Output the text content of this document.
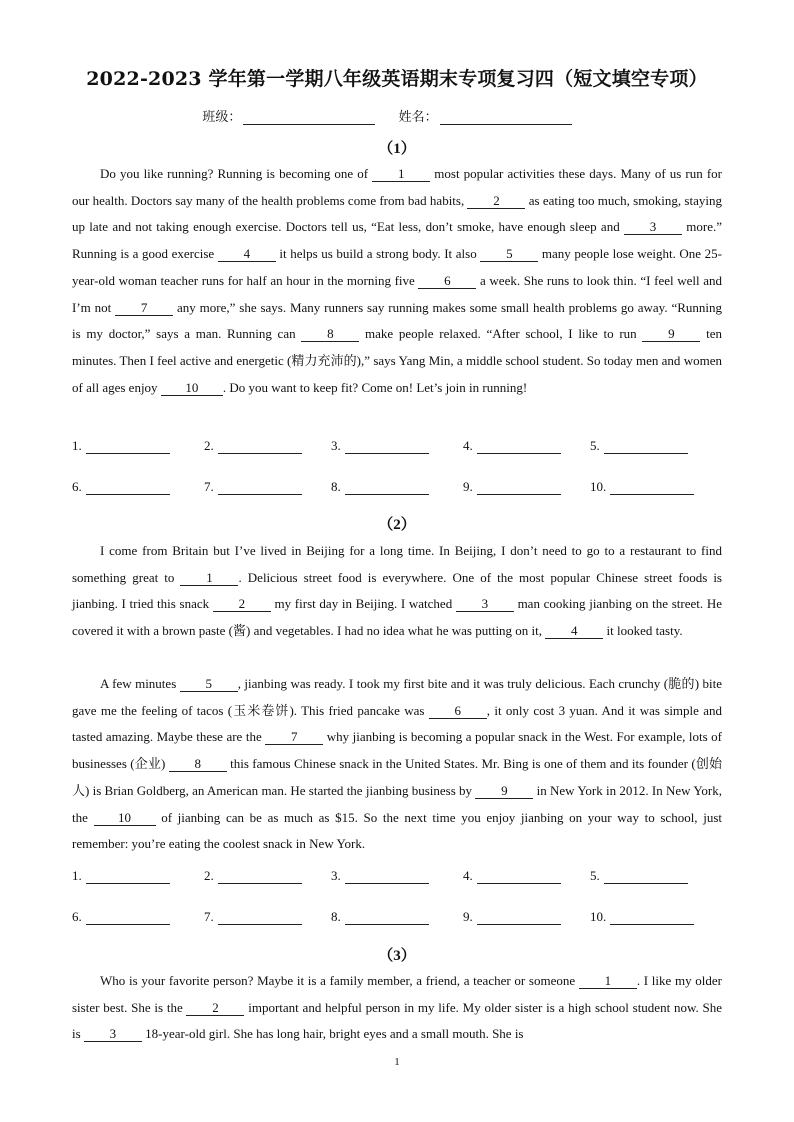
2022-2023 学年第一学期八年级英语期末专项复习四（短文填空专项）
班级：	姓名：
（1）

Do you like running? Running is becoming one of 1 most popular activities these days. Many of us run for our health. Doctors say many of the health problems come from bad habits, 2 as eating too much, smoking, staying up late and not taking enough exercise. Doctors tell us, “Eat less, don’t smoke, have enough sleep and 3 more.” Running is a good exercise 4 it helps us build a strong body. It also 5 many people lose weight. One 25-year-old woman teacher runs for half an hour in the morning five 6 a week. She runs to look thin. “I feel well and I’m not 7 any more,” she says. Many runners say running makes some small health problems go away. “Running is my doctor,” says a man. Running can 8 make people relaxed. “After school, I like to run 9 ten minutes. Then I feel active and energetic (精力充沛的),” says Yang Min, a middle school student. So today men and women of all ages enjoy 10 . Do you want to keep fit? Come on! Let’s join in running!

1.	2.	3.	4.	5.
6.	7.	8.	9.	10.
（2）

I come from Britain but I’ve lived in Beijing for a long time. In Beijing, I don’t need to go to a restaurant to find something great to 1 . Delicious street food is everywhere. One of the most popular Chinese street foods is jianbing. I tried this snack 2 my first day in Beijing. I watched 3 man cooking jianbing on the street. He covered it with a brown paste (酱) and vegetables. I had no idea what he was putting on it, 4 it looked tasty.

A few minutes 5 , jianbing was ready. I took my first bite and it was truly delicious. Each crunchy (脆的) bite gave me the feeling of tacos (玉米卷饼). This fried pancake was 6 , it only cost 3 yuan. And it was simple and tasted amazing. Maybe these are the 7 why jianbing is becoming a popular snack in the West. For example, lots of businesses (企业) 8 this famous Chinese snack in the United States. Mr. Bing is one of them and its founder (创始人) is Brian Goldberg, an American man. He started the jianbing business by 9 in New York in 2012. In New York, the 10 of jianbing can be as much as $15. So the next time you enjoy jianbing on your way to school, just remember: you’re eating the coolest snack in New York.

1.	2.	3.	4.	5.
6.	7.	8.	9.	10.
（3）

Who is your favorite person? Maybe it is a family member, a friend, a teacher or someone 1 . I like my older sister best. She is the 2 important and helpful person in my life. My older sister is a high school student now. She is 3 18-year-old girl. She has long hair, bright eyes and a small mouth. She is

1
